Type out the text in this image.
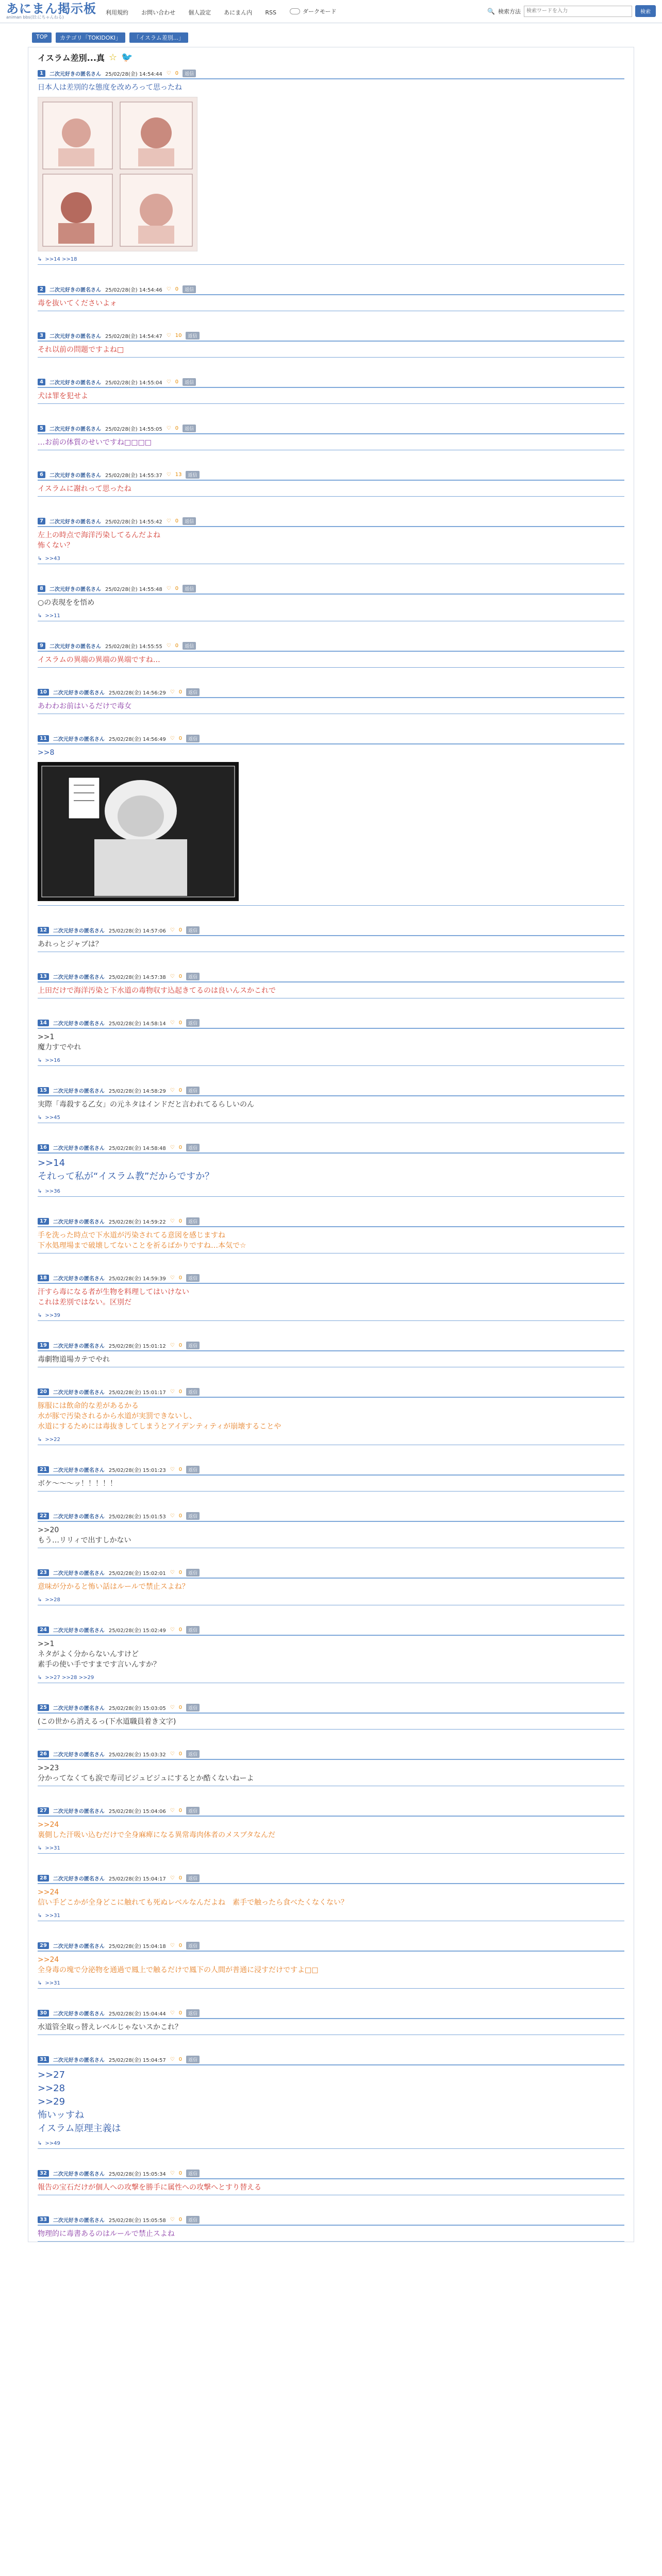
あにまん掲示板
animan bbs(旧:にちゃんねる)
利用規約 お問い合わせ 個人設定 あにまん内 RSS	ダークモード	🔍 検索方法
検索ワードを入力	検索
TOP	カテゴリ「TOKIDOKI」	「イスラム差別...」
イスラム差別...真 ☆ 🐦
1	二次元好きの匿名さん 25/02/28(金) 14:54:44 ♡ 0	返信
日本人は差別的な態度を改めろって思ったね
↳ >>14 >>18
2	二次元好きの匿名さん 25/02/28(金) 14:54:46 ♡ 0	返信
毒を抜いてくださいよォ
3	二次元好きの匿名さん 25/02/28(金) 14:54:47 ♡ 10	返信
それ以前の問題ですよね□
4	二次元好きの匿名さん 25/02/28(金) 14:55:04 ♡ 0	返信
犬は罪を犯せよ
5	二次元好きの匿名さん 25/02/28(金) 14:55:05 ♡ 0	返信
…お前の体質のせいですね□□□□
6	二次元好きの匿名さん 25/02/28(金) 14:55:37 ♡ 13	返信
イスラムに謝れって思ったね
7	二次元好きの匿名さん 25/02/28(金) 14:55:42 ♡ 0	返信
左上の時点で海洋汚染してるんだよね
怖くない？
↳ >>43
8	二次元好きの匿名さん 25/02/28(金) 14:55:48 ♡ 0	返信
○の表現をを悟め
↳ >>11
9	二次元好きの匿名さん 25/02/28(金) 14:55:55 ♡ 0	返信
イスラムの異端の異端の異端ですね…
10	二次元好きの匿名さん 25/02/28(金) 14:56:29 ♡ 0	返信
あわわお前はいるだけで毒女
11	二次元好きの匿名さん 25/02/28(金) 14:56:49 ♡ 0	返信
>>8
12	二次元好きの匿名さん 25/02/28(金) 14:57:06 ♡ 0	返信
あれっとジャブは？
13	二次元好きの匿名さん 25/02/28(金) 14:57:38 ♡ 0	返信
上田だけで海洋汚染と下水道の毒物収す込起きてるのは良いんスかこれで
14	二次元好きの匿名さん 25/02/28(金) 14:58:14 ♡ 0	返信
>>1
魔力すでやれ
↳ >>16
15	二次元好きの匿名さん 25/02/28(金) 14:58:29 ♡ 0	返信
実際「毒殺する乙女」の元ネタはインドだと言われてるらしいのん
↳ >>45
16	二次元好きの匿名さん 25/02/28(金) 14:58:48 ♡ 0	返信
>>14
それって私が“イスラム教”だからですか？
↳ >>36
17	二次元好きの匿名さん 25/02/28(金) 14:59:22 ♡ 0	返信
手を洗った時点で下水道が汚染されてる意図を感じますね
下水処理場まで破壊してないことを祈るばかりですね…本気で☆
18	二次元好きの匿名さん 25/02/28(金) 14:59:39 ♡ 0	返信
汗すら毒になる者が生物を料理してはいけない
これは差別ではない。区別だ
↳ >>39
19	二次元好きの匿名さん 25/02/28(金) 15:01:12 ♡ 0	返信
毒劇物道場カテでやれ
20	二次元好きの匿名さん 25/02/28(金) 15:01:17 ♡ 0	返信
豚服には飲命的な差があるかる
水が豚で汚染されるから水道が実罰できないし、
水道にするためには毒抜きしてしまうとアイデンティティが崩壊することや
↳ >>22
21	二次元好きの匿名さん 25/02/28(金) 15:01:23 ♡ 0	返信
ボケ～～～ッ！！！！！
22	二次元好きの匿名さん 25/02/28(金) 15:01:53 ♡ 0	返信
>>20
もう…リリィで出すしかない
23	二次元好きの匿名さん 25/02/28(金) 15:02:01 ♡ 0	返信
意味が分かると怖い話はルールで禁止スよね？
↳ >>28
24	二次元好きの匿名さん 25/02/28(金) 15:02:49 ♡ 0	返信
>>1
ネタがよく分からないんすけど
素手の使い手ですまです言いんすか？
↳ >>27 >>28 >>29
25	二次元好きの匿名さん 25/02/28(金) 15:03:05 ♡ 0	返信
(この世から消えるっ(下水道職員着き文字)
26	二次元好きの匿名さん 25/02/28(金) 15:03:32 ♡ 0	返信
>>23
分かってなくても涙で寿司ビジュビジュにするとか酷くないねーよ
27	二次元好きの匿名さん 25/02/28(金) 15:04:06 ♡ 0	返信
>>24
裏側した汗吸い込むだけで全身麻痺になる異常毒肉体者のメスブタなんだ
↳ >>31
28	二次元好きの匿名さん 25/02/28(金) 15:04:17 ♡ 0	返信
>>24
信い手どこかが全身どこに触れても死ぬレベルなんだよね　素手で触ったら食べたくなくない？
↳ >>31
29	二次元好きの匿名さん 25/02/28(金) 15:04:18 ♡ 0	返信
>>24
全身毒の塊で分泌物を通過で鳳上で触るだけで鳳下の人間が普通に浸すだけですよ□□
↳ >>31
30	二次元好きの匿名さん 25/02/28(金) 15:04:44 ♡ 0	返信
水道管全取っ替えレベルじゃないスかこれ？
31	二次元好きの匿名さん 25/02/28(金) 15:04:57 ♡ 0	返信
>>27
>>28
>>29
怖いッすね
イスラム原理主義は
↳ >>49
32	二次元好きの匿名さん 25/02/28(金) 15:05:34 ♡ 0	返信
報告の宝石だけが個人への攻撃を勝手に属性への攻撃へとすり替える
33	二次元好きの匿名さん 25/02/28(金) 15:05:58 ♡ 0	返信
物理的に毒書あるのはルールで禁止スよね
